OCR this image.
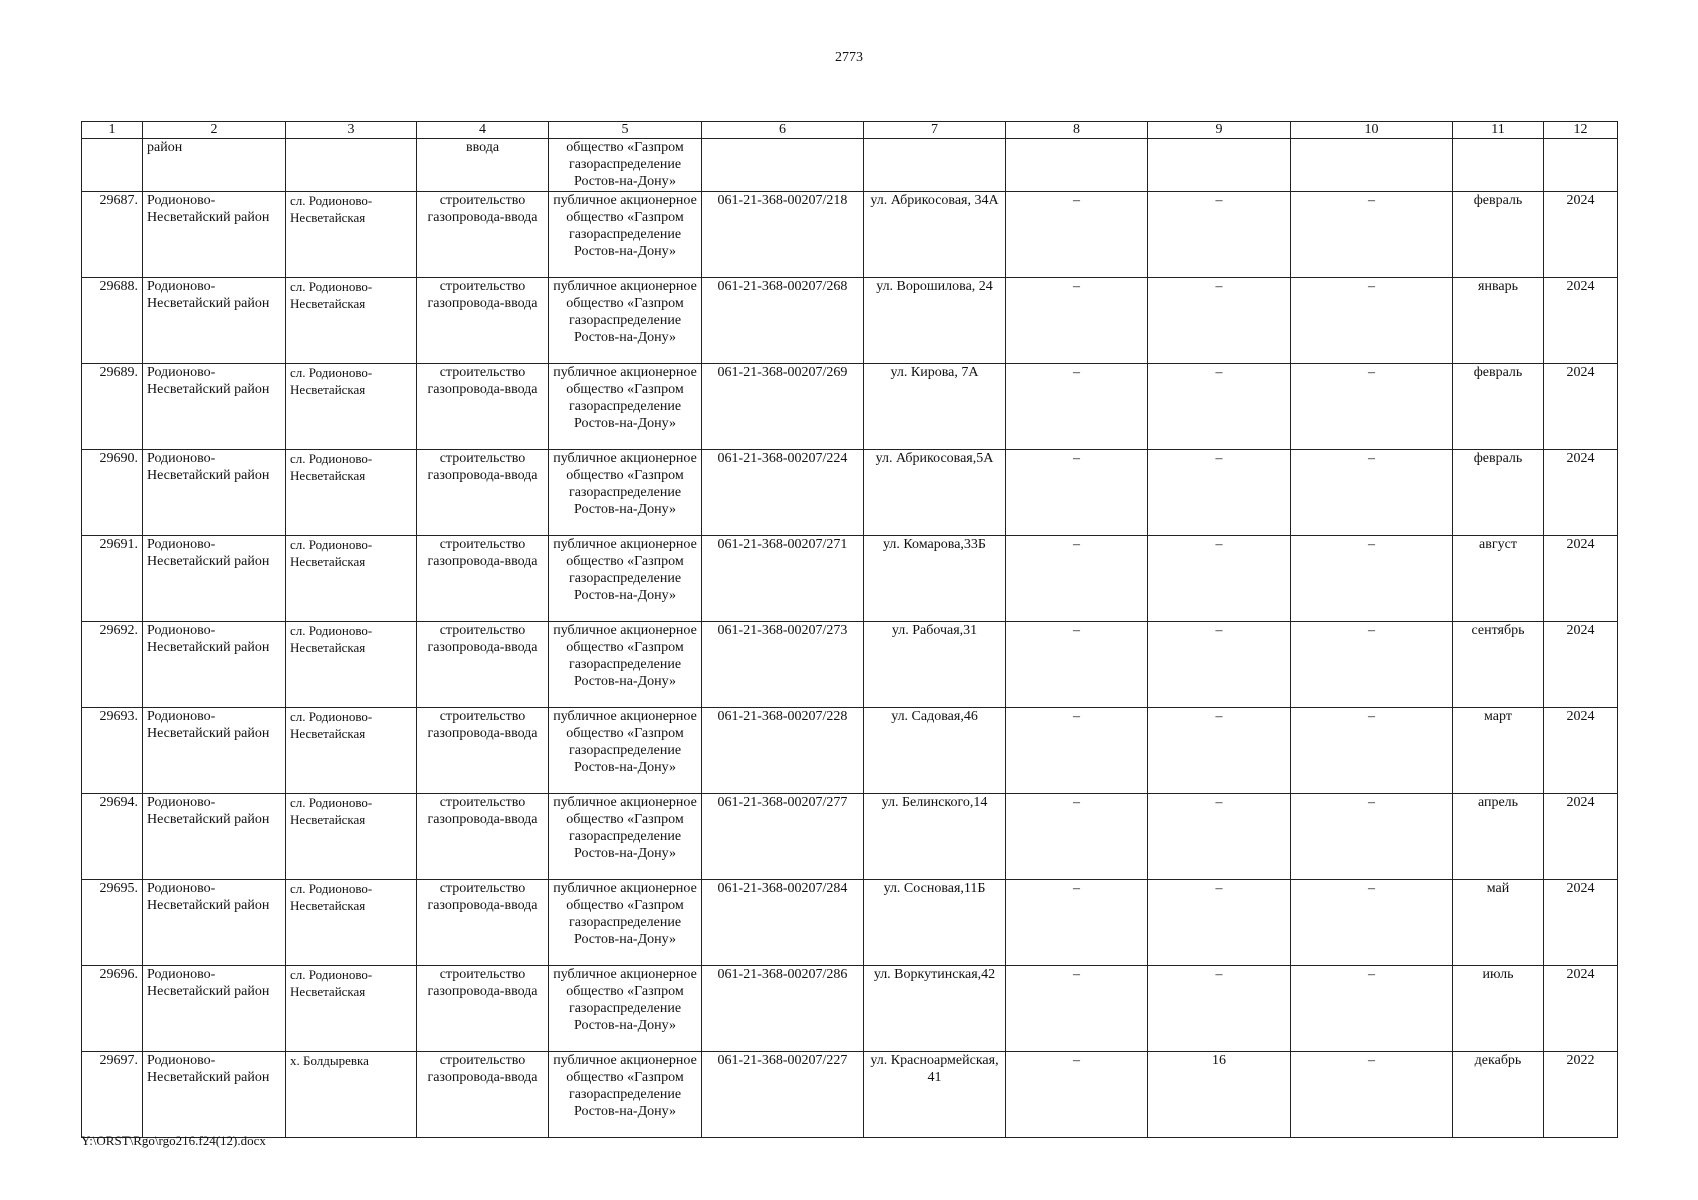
2773
1	2	3	4	5	6	7	8	9	10	11	12
	район		ввода	общество «Газпром газораспределение Ростов-на-Дону»							
29687.	Родионово-Несветайский район	сл. Родионово-Несветайская	строительство газопровода-ввода	публичное акционерное общество «Газпром газораспределение Ростов-на-Дону»	061-21-368-00207/218	ул. Абрикосовая, 34А	–	–	–	февраль	2024
29688.	Родионово-Несветайский район	сл. Родионово-Несветайская	строительство газопровода-ввода	публичное акционерное общество «Газпром газораспределение Ростов-на-Дону»	061-21-368-00207/268	ул. Ворошилова, 24	–	–	–	январь	2024
29689.	Родионово-Несветайский район	сл. Родионово-Несветайская	строительство газопровода-ввода	публичное акционерное общество «Газпром газораспределение Ростов-на-Дону»	061-21-368-00207/269	ул. Кирова, 7А	–	–	–	февраль	2024
29690.	Родионово-Несветайский район	сл. Родионово-Несветайская	строительство газопровода-ввода	публичное акционерное общество «Газпром газораспределение Ростов-на-Дону»	061-21-368-00207/224	ул. Абрикосовая,5А	–	–	–	февраль	2024
29691.	Родионово-Несветайский район	сл. Родионово-Несветайская	строительство газопровода-ввода	публичное акционерное общество «Газпром газораспределение Ростов-на-Дону»	061-21-368-00207/271	ул. Комарова,33Б	–	–	–	август	2024
29692.	Родионово-Несветайский район	сл. Родионово-Несветайская	строительство газопровода-ввода	публичное акционерное общество «Газпром газораспределение Ростов-на-Дону»	061-21-368-00207/273	ул. Рабочая,31	–	–	–	сентябрь	2024
29693.	Родионово-Несветайский район	сл. Родионово-Несветайская	строительство газопровода-ввода	публичное акционерное общество «Газпром газораспределение Ростов-на-Дону»	061-21-368-00207/228	ул. Садовая,46	–	–	–	март	2024
29694.	Родионово-Несветайский район	сл. Родионово-Несветайская	строительство газопровода-ввода	публичное акционерное общество «Газпром газораспределение Ростов-на-Дону»	061-21-368-00207/277	ул. Белинского,14	–	–	–	апрель	2024
29695.	Родионово-Несветайский район	сл. Родионово-Несветайская	строительство газопровода-ввода	публичное акционерное общество «Газпром газораспределение Ростов-на-Дону»	061-21-368-00207/284	ул. Сосновая,11Б	–	–	–	май	2024
29696.	Родионово-Несветайский район	сл. Родионово-Несветайская	строительство газопровода-ввода	публичное акционерное общество «Газпром газораспределение Ростов-на-Дону»	061-21-368-00207/286	ул. Воркутинская,42	–	–	–	июль	2024
29697.	Родионово-Несветайский район	х. Болдыревка	строительство газопровода-ввода	публичное акционерное общество «Газпром газораспределение Ростов-на-Дону»	061-21-368-00207/227	ул. Красноармейская, 41	–	16	–	декабрь	2022
Y:\ORST\Rgo\rgo216.f24(12).docx
